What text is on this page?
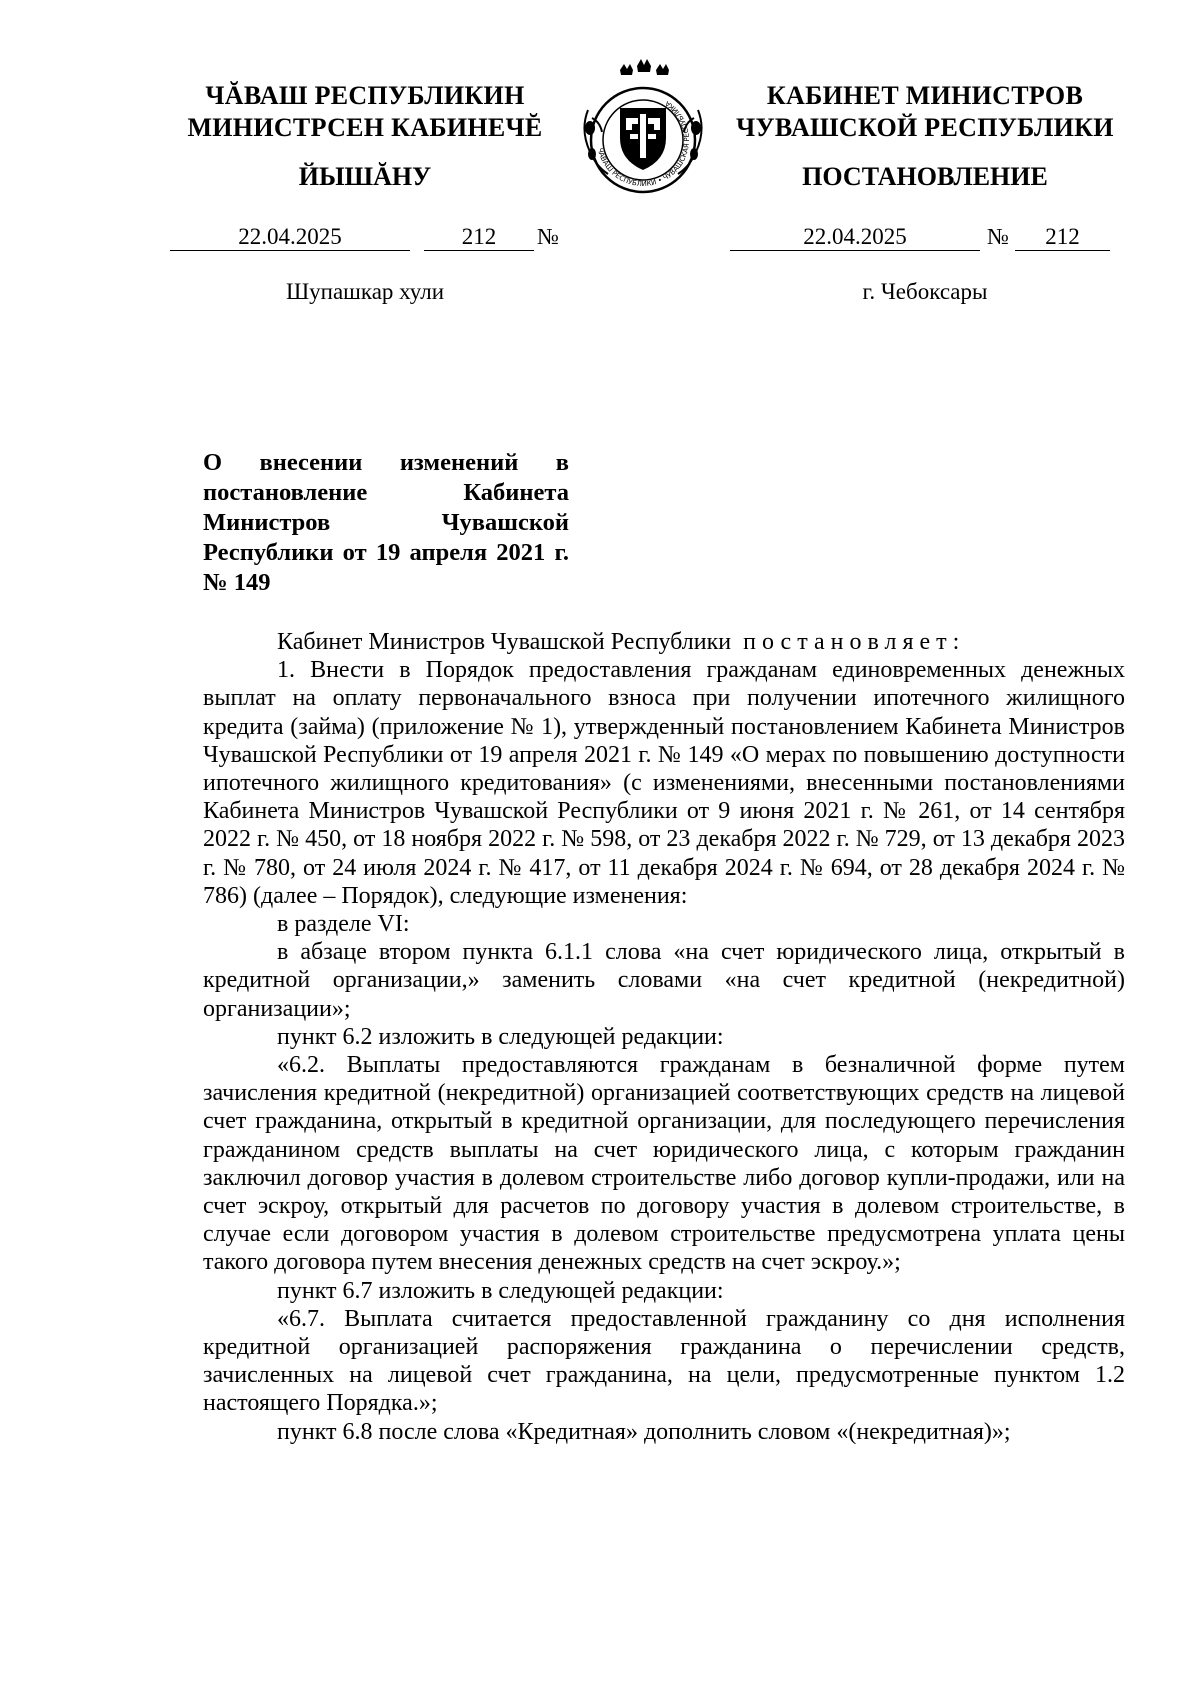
ЧĂВАШ РЕСПУБЛИКИН
МИНИСТРСЕН КАБИНЕЧĔ
ЙЫШĂНУ
ЧĂВАШ РЕСПУБЛИКИ • ЧУВАШСКАЯ РЕСПУБЛИКА	КАБИНЕТ МИНИСТРОВ
ЧУВАШСКОЙ РЕСПУБЛИКИ
ПОСТАНОВЛЕНИЕ
22.04.2025	212	№
Шупашкар хули
22.04.2025	№	212
г. Чебоксары
О внесении изменений в постановление Кабинета Министров Чувашской Республики от 19 апреля 2021 г. № 149

Кабинет Министров Чувашской Республики постановляет:

1. Внести в Порядок предоставления гражданам единовременных денежных выплат на оплату первоначального взноса при получении ипотечного жилищного кредита (займа) (приложение № 1), утвержденный постановлением Кабинета Министров Чувашской Республики от 19 апреля 2021 г. № 149 «О мерах по повышению доступности ипотечного жилищного кредитования» (с изменениями, внесенными постановлениями Кабинета Министров Чувашской Республики от 9 июня 2021 г. № 261, от 14 сентября 2022 г. № 450, от 18 ноября 2022 г. № 598, от 23 декабря 2022 г. № 729, от 13 декабря 2023 г. № 780, от 24 июля 2024 г. № 417, от 11 декабря 2024 г. № 694, от 28 декабря 2024 г. № 786) (далее – Порядок), следующие изменения:

в разделе VI:

в абзаце втором пункта 6.1.1 слова «на счет юридического лица, открытый в кредитной организации,» заменить словами «на счет кредитной (некредитной) организации»;

пункт 6.2 изложить в следующей редакции:

«6.2. Выплаты предоставляются гражданам в безналичной форме путем зачисления кредитной (некредитной) организацией соответствующих средств на лицевой счет гражданина, открытый в кредитной организации, для последующего перечисления гражданином средств выплаты на счет юридического лица, с которым гражданин заключил договор участия в долевом строительстве либо договор купли-продажи, или на счет эскроу, открытый для расчетов по договору участия в долевом строительстве, в случае если договором участия в долевом строительстве предусмотрена уплата цены такого договора путем внесения денежных средств на счет эскроу.»;

пункт 6.7 изложить в следующей редакции:

«6.7. Выплата считается предоставленной гражданину со дня исполнения кредитной организацией распоряжения гражданина о перечислении средств, зачисленных на лицевой счет гражданина, на цели, предусмотренные пунктом 1.2 настоящего Порядка.»;

пункт 6.8 после слова «Кредитная» дополнить словом «(некредитная)»;
